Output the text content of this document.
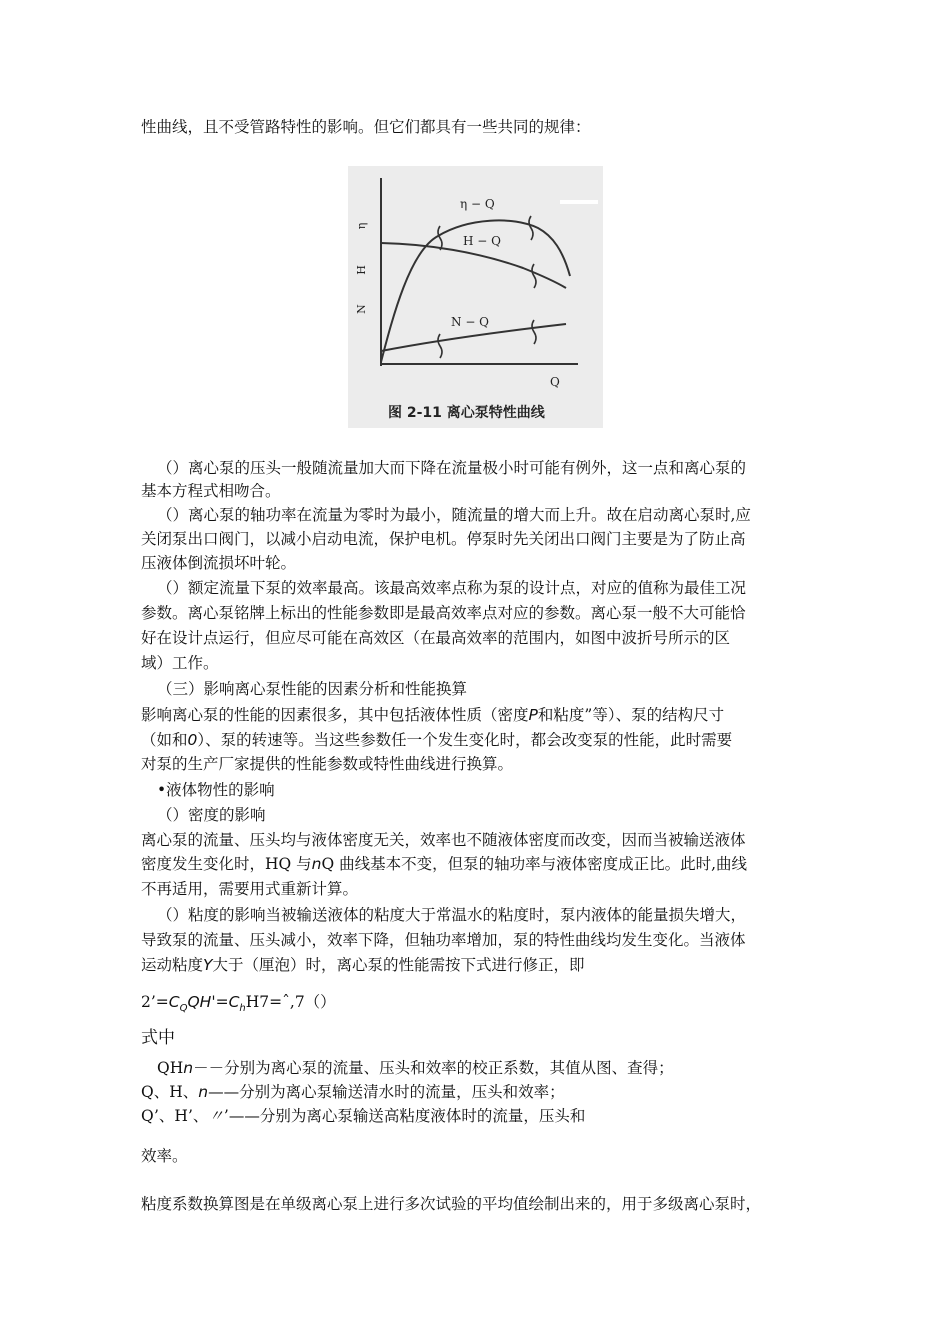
性曲线，且不受管路特性的影响。但它们都具有一些共同的规律：
η − Q
H − Q
N − Q
Q
η
H
N
图 2-11 离心泵特性曲线
（）离心泵的压头一般随流量加大而下降在流量极小时可能有例外，这一点和离心泵的
基本方程式相吻合。
（）离心泵的轴功率在流量为零时为最小，随流量的增大而上升。故在启动离心泵时,应
关闭泵出口阀门，以减小启动电流，保护电机。停泵时先关闭出口阀门主要是为了防止高
压液体倒流损坏叶轮。
（）额定流量下泵的效率最高。该最高效率点称为泵的设计点，对应的值称为最佳工况
参数。离心泵铭牌上标出的性能参数即是最高效率点对应的参数。离心泵一般不大可能恰
好在设计点运行，但应尽可能在高效区（在最高效率的范围内，如图中波折号所示的区
域）工作。
（三）影响离心泵性能的因素分析和性能换算
影响离心泵的性能的因素很多，其中包括液体性质（密度P和粘度”等）、泵的结构尺寸
（如和0）、泵的转速等。当这些参数任一个发生变化时，都会改变泵的性能，此时需要
对泵的生产厂家提供的性能参数或特性曲线进行换算。
•液体物性的影响
（）密度的影响
离心泵的流量、压头均与液体密度无关，效率也不随液体密度而改变，因而当被输送液体
密度发生变化时，HQ 与nQ 曲线基本不变，但泵的轴功率与液体密度成正比。此时,曲线
不再适用，需要用式重新计算。
（）粘度的影响当被输送液体的粘度大于常温水的粘度时，泵内液体的能量损失增大，
导致泵的流量、压头减小，效率下降，但轴功率增加，泵的特性曲线均发生变化。当液体
运动粘度Y大于（厘泡）时，离心泵的性能需按下式进行修正，即
$2’=C_QQH'=C_hH7=ˆ,7()$
式中
QHn－－分别为离心泵的流量、压头和效率的校正系数，其值从图、查得；
Q、H、n——分别为离心泵输送清水时的流量，压头和效率；
Q’、H’、〃’——分别为离心泵输送高粘度液体时的流量，压头和
效率。
粘度系数换算图是在单级离心泵上进行多次试验的平均值绘制出来的，用于多级离心泵时，
